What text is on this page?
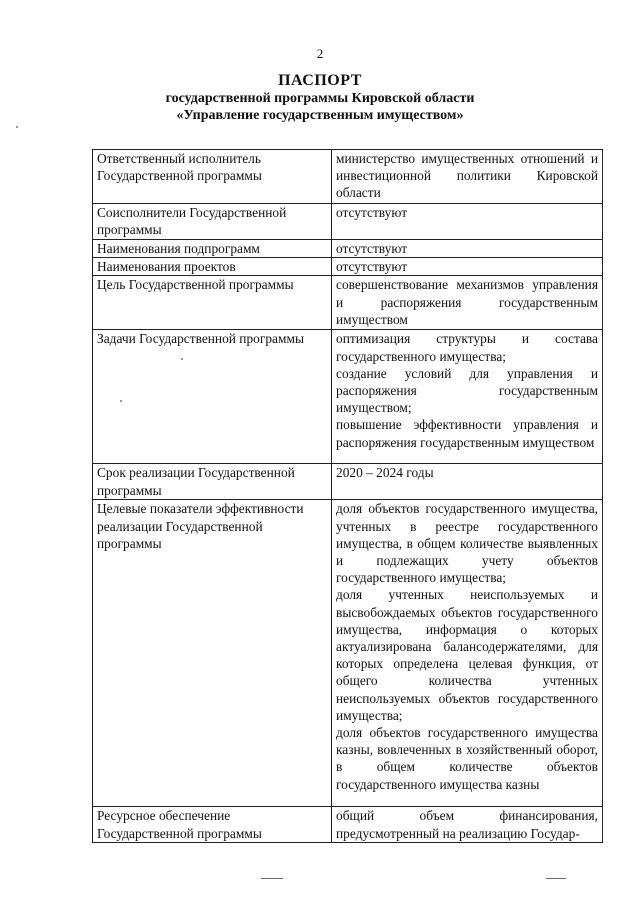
2
ПАСПОРТ
государственной программы Кировской области
«Управление государственным имуществом»
Ответственный исполнитель Государственной программы	министерство имущественных отношений и инвестиционной политики Кировской области

Соисполнители Государственной программы	отсутствуют

Наименования подпрограмм	отсутствуют

Наименования проектов	отсутствуют

Цель Государственной программы	совершенствование механизмов управления и распоряжения государственным имуществом

Задачи Государственной программы	оптимизация структуры и состава государственного имущества;
создание условий для управления и распоряжения государственным имуществом;
повышение эффективности управления и распоряжения государственным имуществом

Срок реализации Государственной программы	2020 – 2024 годы

Целевые показатели эффективности реализации Государственной программы	доля объектов государственного имущества, учтенных в реестре государственного имущества, в общем количестве выявленных и подлежащих учету объектов государственного имущества;
доля учтенных неиспользуемых и высвобождаемых объектов государственного имущества, информация о которых актуализирована балансодержателями, для которых определена целевая функция, от общего количества учтенных неиспользуемых объектов государственного имущества;
доля объектов государственного имущества казны, вовлеченных в хозяйственный оборот, в общем количестве объектов государственного имущества казны

Ресурсное обеспечение Государственной программы	общий объем финансирования, предусмотренный на реализацию Государ-
